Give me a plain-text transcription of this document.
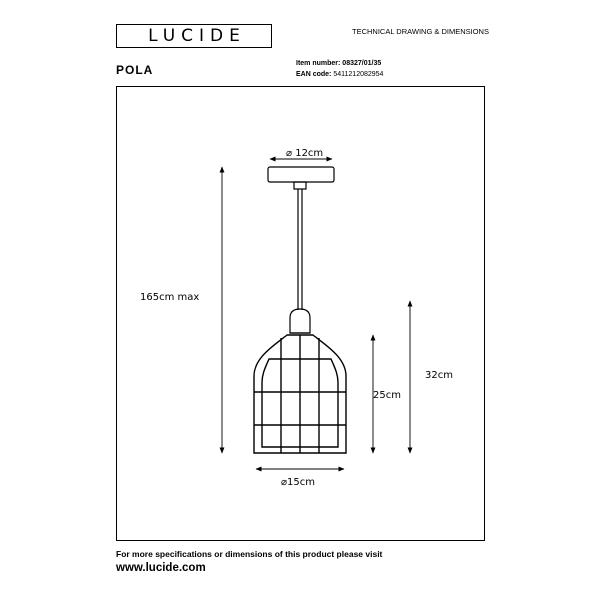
LUCIDE	TECHNICAL DRAWING & DIMENSIONS
POLA	Item number: 08327/01/35
EAN code: 5411212082954
⌀ 12cm
165cm max
25cm
32cm
⌀15cm
For more specifications or dimensions of this product please visit
www.lucide.com
